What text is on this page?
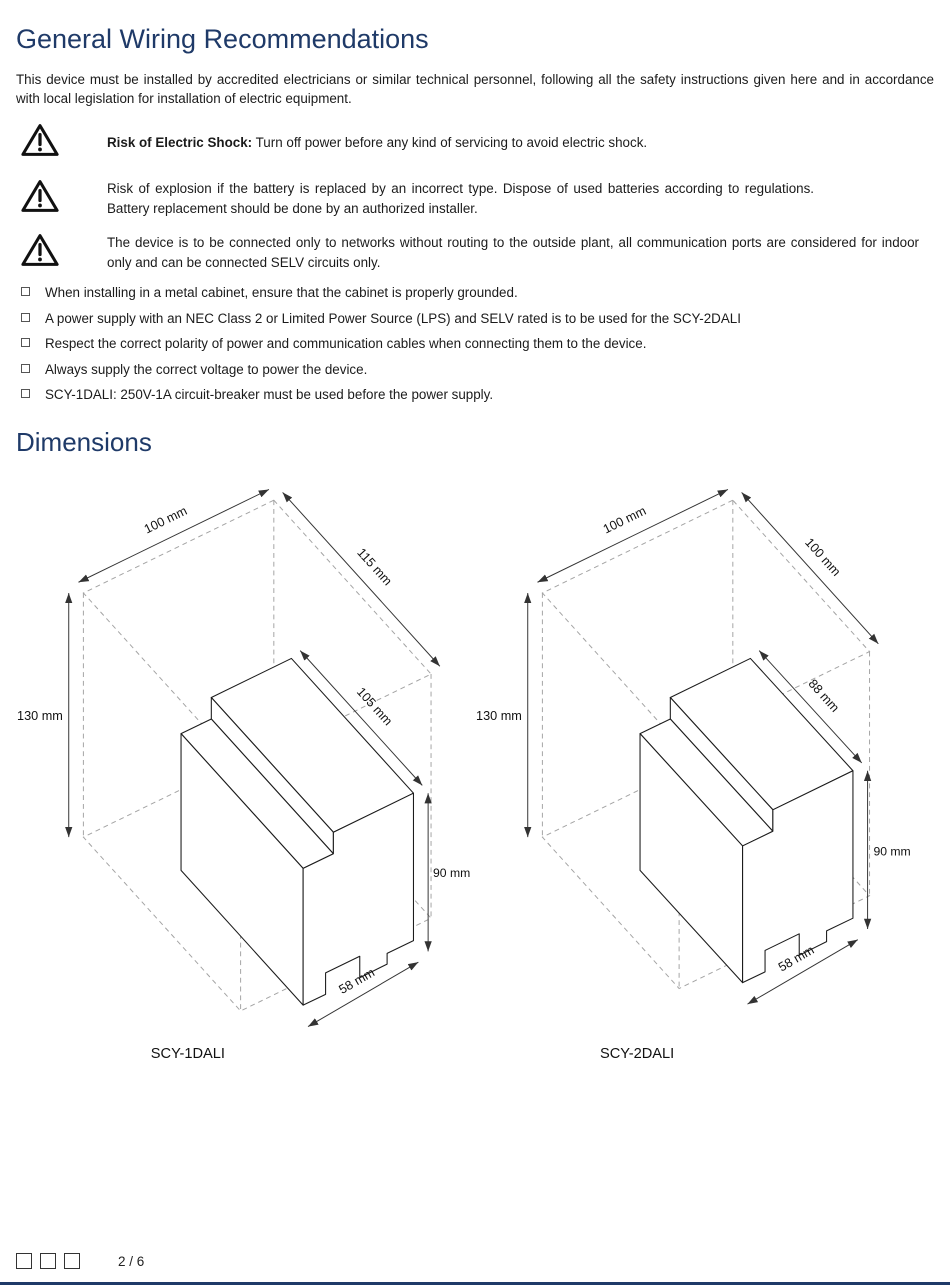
General Wiring Recommendations

This device must be installed by accredited electricians or similar technical personnel, following all the safety instructions given here and in accordance with local legislation for installation of electric equipment.

Risk of Electric Shock: Turn off power before any kind of servicing to avoid electric shock.

Risk of explosion if the battery is replaced by an incorrect type. Dispose of used batteries according to regulations. Battery replacement should be done by an authorized installer.

The device is to be connected only to networks without routing to the outside plant, all communication ports are considered for indoor only and can be connected SELV circuits only.

When installing in a metal cabinet, ensure that the cabinet is properly grounded.
A power supply with an NEC Class 2 or Limited Power Source (LPS) and SELV rated is to be used for the SCY-2DALI
Respect the correct polarity of power and communication cables when connecting them to the device.
Always supply the correct voltage to power the device.
SCY-1DALI: 250V-1A circuit-breaker must be used before the power supply.
Dimensions
100 mm
115 mm
130 mm	105 mm
90 mm
58 mm
SCY-1DALI
100 mm
100 mm
130 mm
88 mm
90 mm
58 mm
SCY-2DALI
2 / 6
